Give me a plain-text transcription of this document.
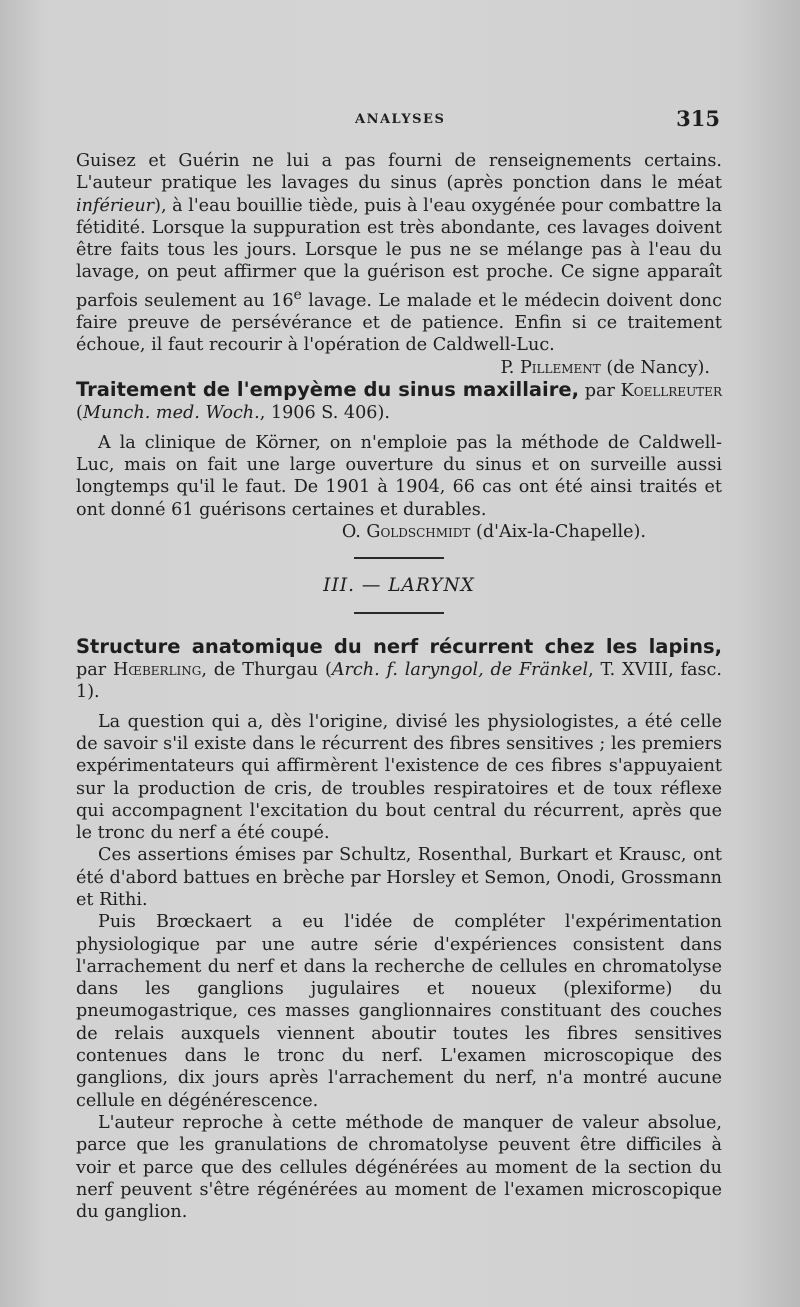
ANALYSES	315

Guisez et Guérin ne lui a pas fourni de renseignements certains. L'auteur pratique les lavages du sinus (après ponction dans le méat inférieur), à l'eau bouillie tiède, puis à l'eau oxygénée pour combattre la fétidité. Lorsque la suppuration est très abondante, ces lavages doivent être faits tous les jours. Lorsque le pus ne se mélange pas à l'eau du lavage, on peut affirmer que la guérison est proche. Ce signe apparaît parfois seulement au 16e lavage. Le malade et le médecin doivent donc faire preuve de persévérance et de patience. Enfin si ce traitement échoue, il faut recourir à l'opération de Caldwell-Luc.

P. Pillement (de Nancy).

Traitement de l'empyème du sinus maxillaire, par Koellreuter (Munch. med. Woch., 1906 S. 406).

A la clinique de Körner, on n'emploie pas la méthode de Caldwell-Luc, mais on fait une large ouverture du sinus et on surveille aussi longtemps qu'il le faut. De 1901 à 1904, 66 cas ont été ainsi traités et ont donné 61 guérisons certaines et durables.

O. Goldschmidt (d'Aix-la-Chapelle).

III. — LARYNX

Structure anatomique du nerf récurrent chez les lapins, par Hœberling, de Thurgau (Arch. f. laryngol, de Fränkel, T. XVIII, fasc. 1).

La question qui a, dès l'origine, divisé les physiologistes, a été celle de savoir s'il existe dans le récurrent des fibres sensitives ; les premiers expérimentateurs qui affirmèrent l'existence de ces fibres s'appuyaient sur la production de cris, de troubles respiratoires et de toux réflexe qui accompagnent l'excitation du bout central du récurrent, après que le tronc du nerf a été coupé.

Ces assertions émises par Schultz, Rosenthal, Burkart et Krausc, ont été d'abord battues en brèche par Horsley et Semon, Onodi, Grossmann et Rithi.

Puis Brœckaert a eu l'idée de compléter l'expérimentation physiologique par une autre série d'expériences consistent dans l'arrachement du nerf et dans la recherche de cellules en chromatolyse dans les ganglions jugulaires et noueux (plexiforme) du pneumogastrique, ces masses ganglionnaires constituant des couches de relais auxquels viennent aboutir toutes les fibres sensitives contenues dans le tronc du nerf. L'examen microscopique des ganglions, dix jours après l'arrachement du nerf, n'a montré aucune cellule en dégénérescence.

L'auteur reproche à cette méthode de manquer de valeur absolue, parce que les granulations de chromatolyse peuvent être difficiles à voir et parce que des cellules dégénérées au moment de la section du nerf peuvent s'être régénérées au moment de l'examen microscopique du ganglion.
